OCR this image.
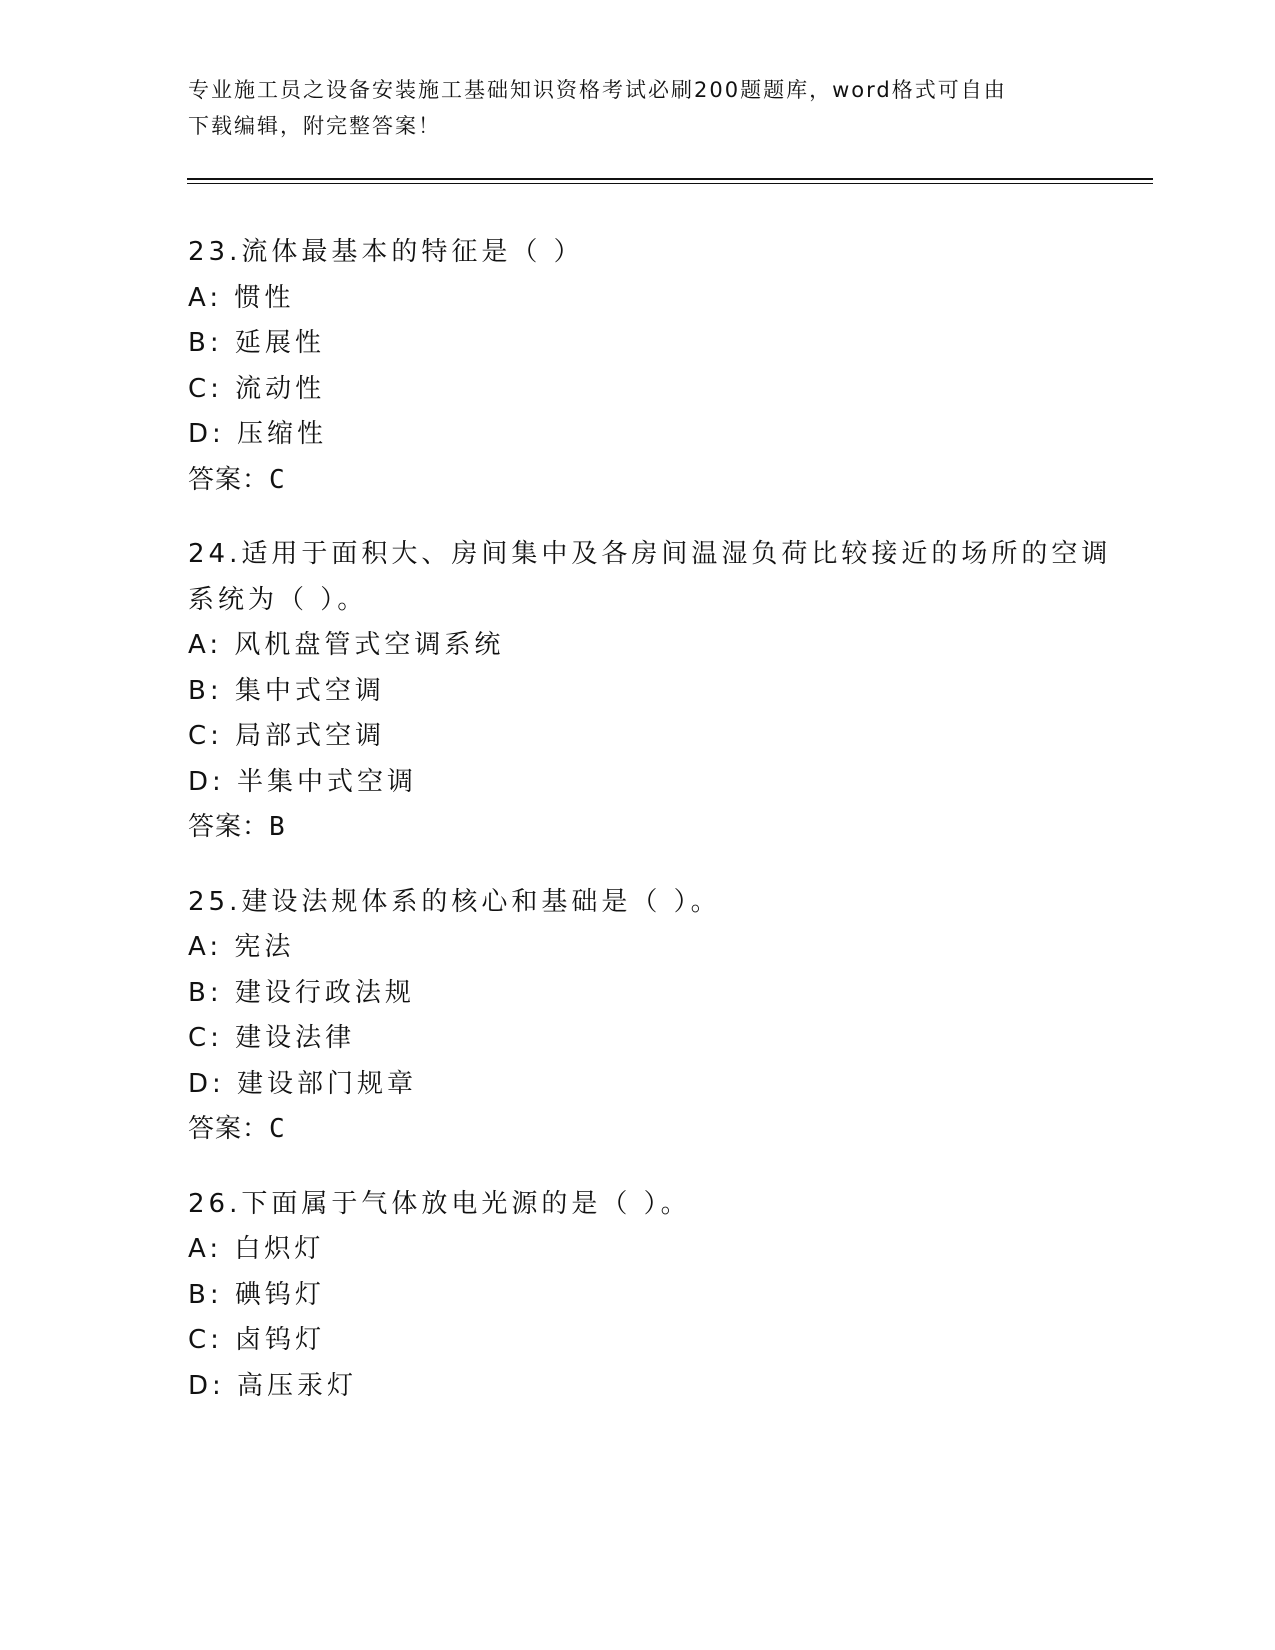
专业施工员之设备安装施工基础知识资格考试必刷200题题库，word格式可自由
下载编辑，附完整答案！
23.流体最基本的特征是（ ）
A: 惯性
B: 延展性
C: 流动性
D: 压缩性
答案：C
24.适用于面积大、房间集中及各房间温湿负荷比较接近的场所的空调
系统为（ ）。
A: 风机盘管式空调系统
B: 集中式空调
C: 局部式空调
D: 半集中式空调
答案：B
25.建设法规体系的核心和基础是（ ）。
A: 宪法
B: 建设行政法规
C: 建设法律
D: 建设部门规章
答案：C
26.下面属于气体放电光源的是（ ）。
A: 白炽灯
B: 碘钨灯
C: 卤钨灯
D: 高压汞灯
